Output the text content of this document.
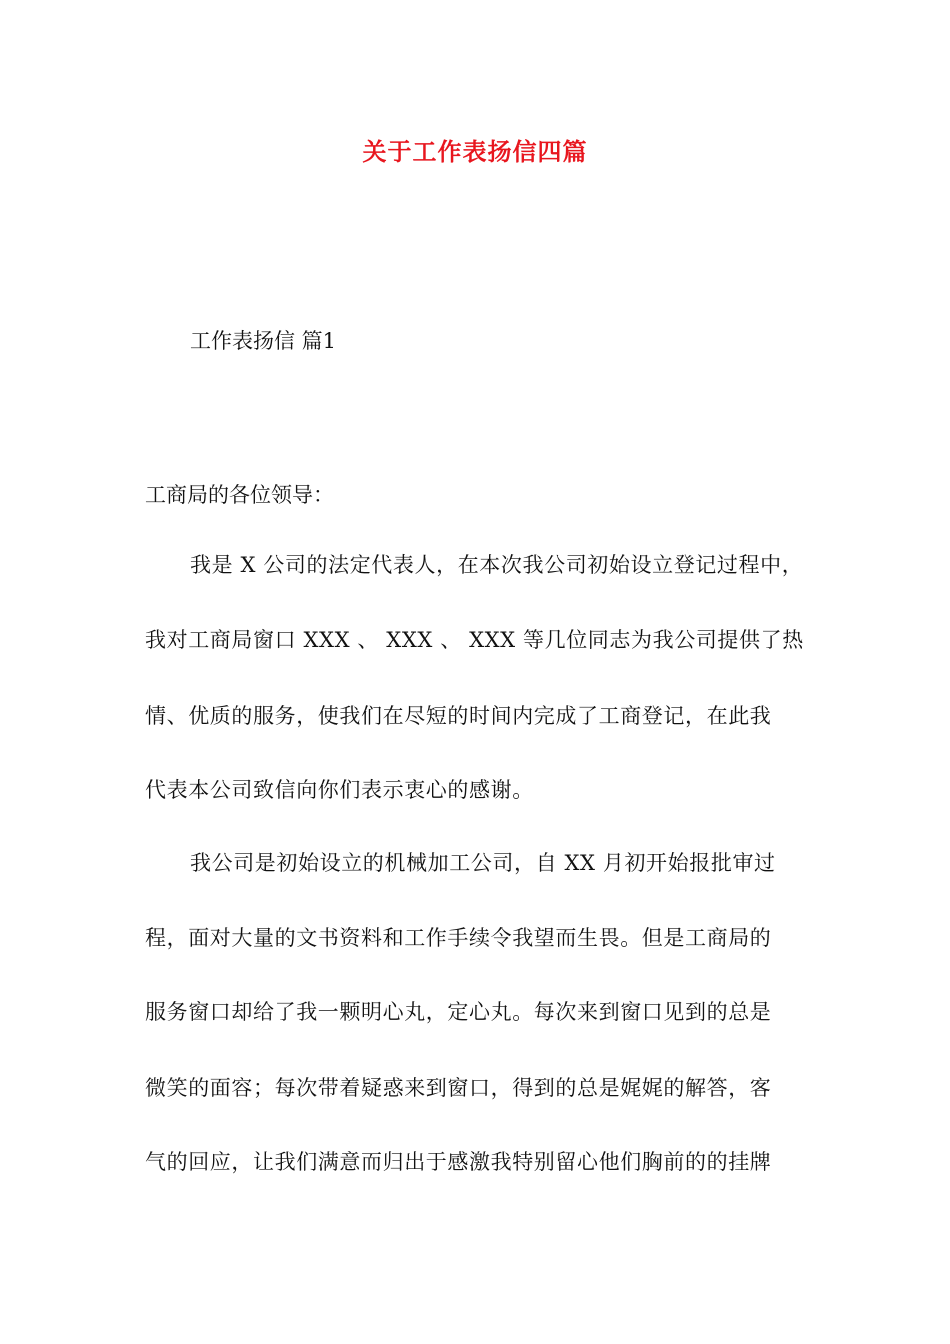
关于工作表扬信四篇
工作表扬信 篇1
工商局的各位领导：
我是 X 公司的法定代表人，在本次我公司初始设立登记过程中，
我对工商局窗口 XXX 、 XXX 、 XXX 等几位同志为我公司提供了热
情、优质的服务，使我们在尽短的时间内完成了工商登记，在此我
代表本公司致信向你们表示衷心的感谢。
我公司是初始设立的机械加工公司，自 XX 月初开始报批审过
程，面对大量的文书资料和工作手续令我望而生畏。但是工商局的
服务窗口却给了我一颗明心丸，定心丸。每次来到窗口见到的总是
微笑的面容；每次带着疑惑来到窗口，得到的总是娓娓的解答，客
气的回应，让我们满意而归出于感激我特别留心他们胸前的的挂牌
